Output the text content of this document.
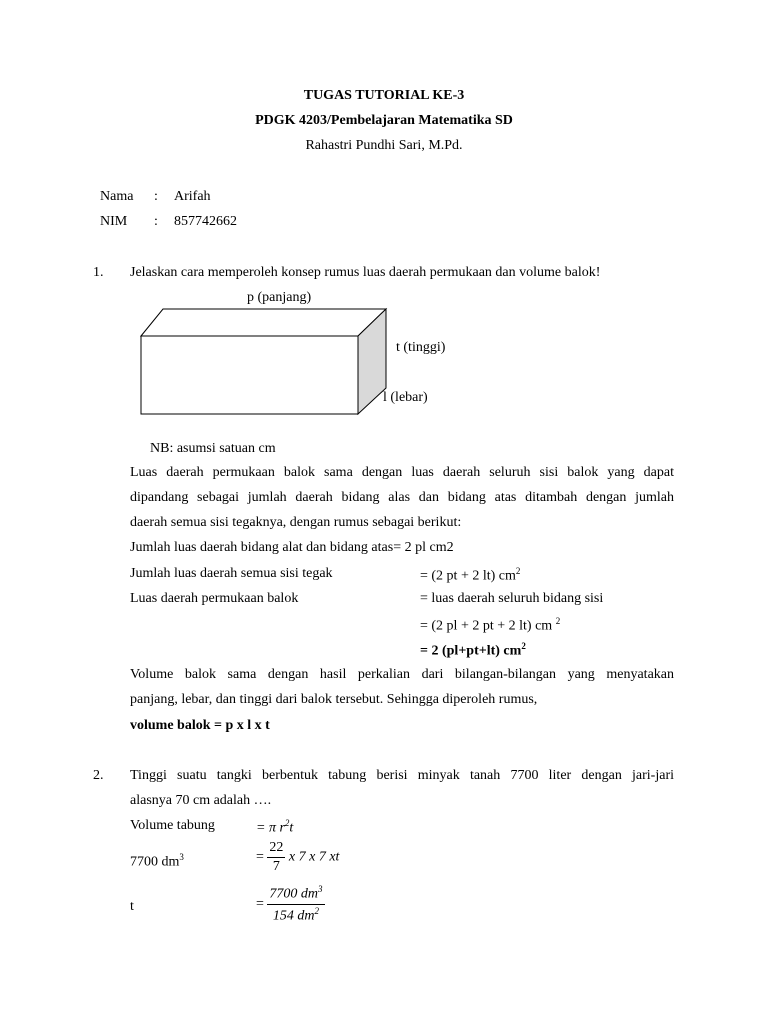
TUGAS TUTORIAL KE-3
PDGK 4203/Pembelajaran Matematika SD
Rahastri Pundhi Sari, M.Pd.
Nama : Arifah
NIM : 857742662
1. Jelaskan cara memperoleh konsep rumus luas daerah permukaan dan volume balok!
p (panjang)
t (tinggi)
l (lebar)
NB: asumsi satuan cm
Luas daerah permukaan balok sama dengan luas daerah seluruh sisi balok yang dapat
dipandang sebagai jumlah daerah bidang alas dan bidang atas ditambah dengan jumlah
daerah semua sisi tegaknya, dengan rumus sebagai berikut:
Jumlah luas daerah bidang alat dan bidang atas= 2 pl cm2
Jumlah luas daerah semua sisi tegak	= (2 pt + 2 lt) $cm^2$
Luas daerah permukaan balok	= luas daerah seluruh bidang sisi
= (2 pl + 2 pt + 2 lt) cm $^2$
= 2 (pl+pt+lt) $cm^2$
Volume balok sama dengan hasil perkalian dari bilangan-bilangan yang menyatakan
panjang, lebar, dan tinggi dari balok tersebut. Sehingga diperoleh rumus,
volume balok = p x l x t
2. Tinggi suatu tangki berbentuk tabung berisi minyak tanah 7700 liter dengan jari-jari
alasnya 70 cm adalah ….
Volume tabung	= π $r^2t$
7700 $dm^3$	= $\frac{22}{7}$ x 7 x 7 xt
t	= $\frac{7700 dm^3}{154 dm^2}$
